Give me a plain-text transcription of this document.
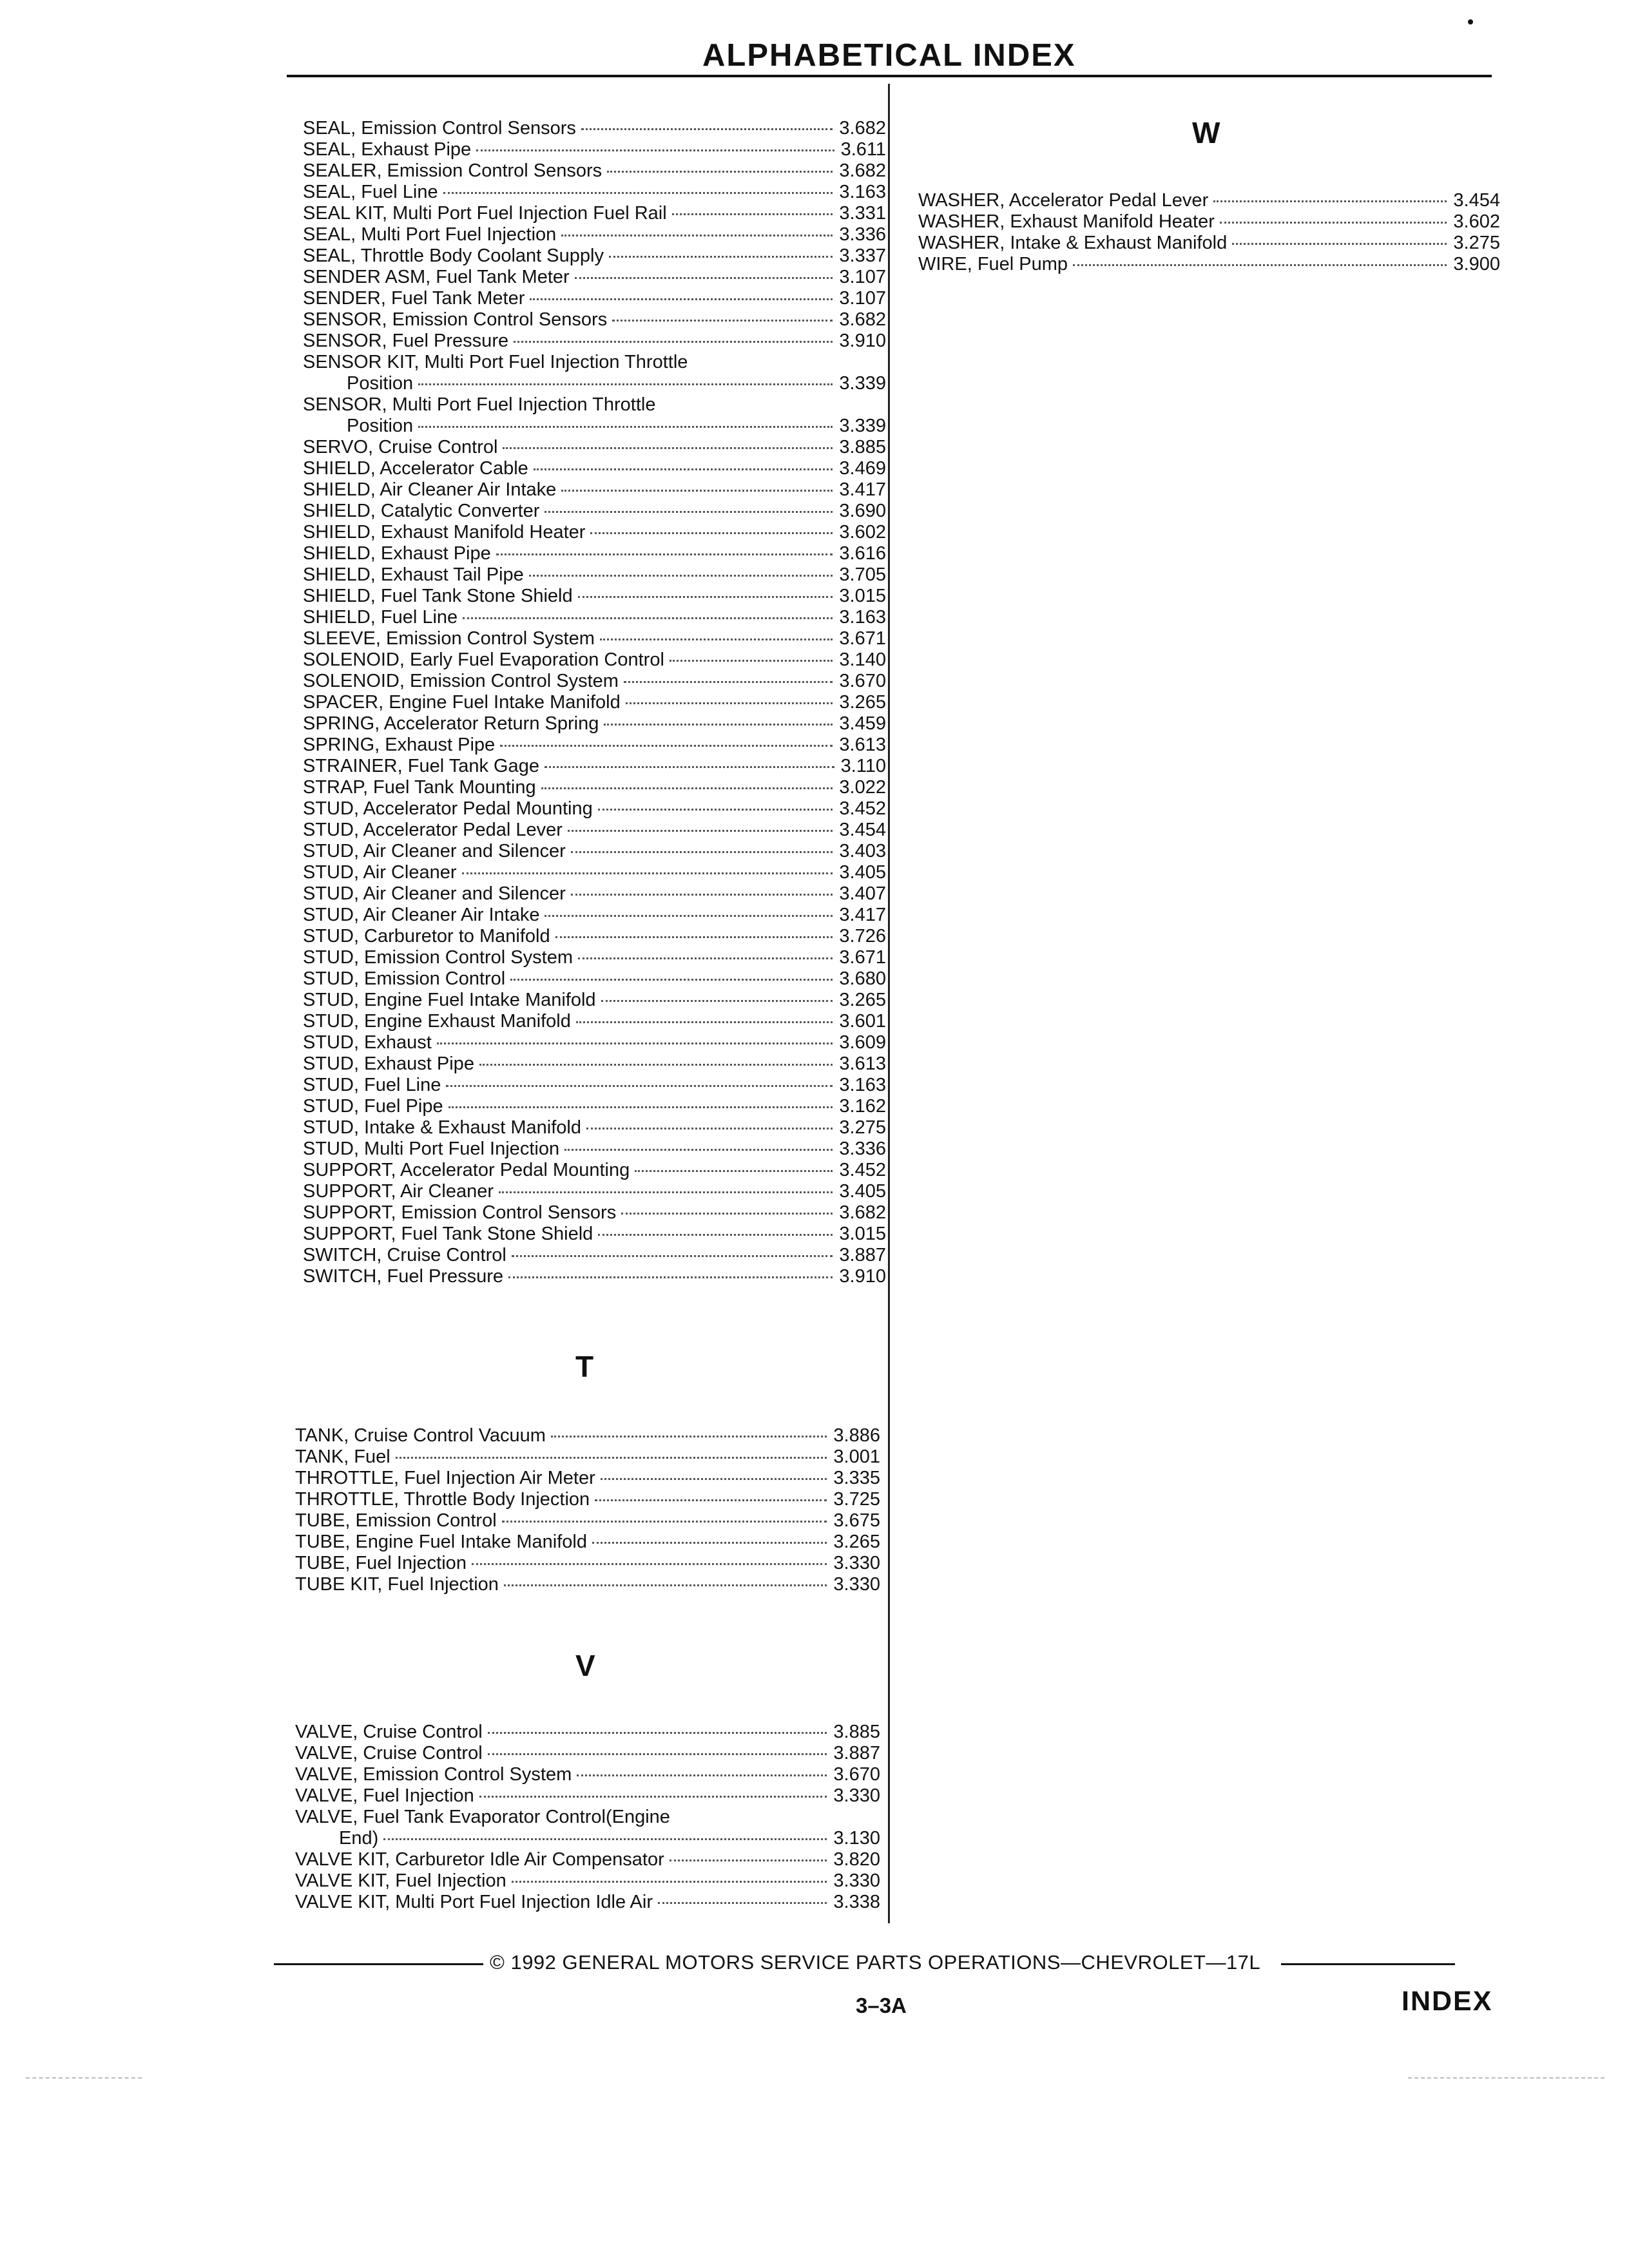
ALPHABETICAL INDEX
SEAL, Emission Control Sensors	3.682
SEAL, Exhaust Pipe	3.611
SEALER, Emission Control Sensors	3.682
SEAL, Fuel Line	3.163
SEAL KIT, Multi Port Fuel Injection Fuel Rail	3.331
SEAL, Multi Port Fuel Injection	3.336
SEAL, Throttle Body Coolant Supply	3.337
SENDER ASM, Fuel Tank Meter	3.107
SENDER, Fuel Tank Meter	3.107
SENSOR, Emission Control Sensors	3.682
SENSOR, Fuel Pressure	3.910
SENSOR KIT, Multi Port Fuel Injection Throttle
Position	3.339
SENSOR, Multi Port Fuel Injection Throttle
Position	3.339
SERVO, Cruise Control	3.885
SHIELD, Accelerator Cable	3.469
SHIELD, Air Cleaner Air Intake	3.417
SHIELD, Catalytic Converter	3.690
SHIELD, Exhaust Manifold Heater	3.602
SHIELD, Exhaust Pipe	3.616
SHIELD, Exhaust Tail Pipe	3.705
SHIELD, Fuel Tank Stone Shield	3.015
SHIELD, Fuel Line	3.163
SLEEVE, Emission Control System	3.671
SOLENOID, Early Fuel Evaporation Control	3.140
SOLENOID, Emission Control System	3.670
SPACER, Engine Fuel Intake Manifold	3.265
SPRING, Accelerator Return Spring	3.459
SPRING, Exhaust Pipe	3.613
STRAINER, Fuel Tank Gage	3.110
STRAP, Fuel Tank Mounting	3.022
STUD, Accelerator Pedal Mounting	3.452
STUD, Accelerator Pedal Lever	3.454
STUD, Air Cleaner and Silencer	3.403
STUD, Air Cleaner	3.405
STUD, Air Cleaner and Silencer	3.407
STUD, Air Cleaner Air Intake	3.417
STUD, Carburetor to Manifold	3.726
STUD, Emission Control System	3.671
STUD, Emission Control	3.680
STUD, Engine Fuel Intake Manifold	3.265
STUD, Engine Exhaust Manifold	3.601
STUD, Exhaust	3.609
STUD, Exhaust Pipe	3.613
STUD, Fuel Line	3.163
STUD, Fuel Pipe	3.162
STUD, Intake & Exhaust Manifold	3.275
STUD, Multi Port Fuel Injection	3.336
SUPPORT, Accelerator Pedal Mounting	3.452
SUPPORT, Air Cleaner	3.405
SUPPORT, Emission Control Sensors	3.682
SUPPORT, Fuel Tank Stone Shield	3.015
SWITCH, Cruise Control	3.887
SWITCH, Fuel Pressure	3.910
T
TANK, Cruise Control Vacuum	3.886
TANK, Fuel	3.001
THROTTLE, Fuel Injection Air Meter	3.335
THROTTLE, Throttle Body Injection	3.725
TUBE, Emission Control	3.675
TUBE, Engine Fuel Intake Manifold	3.265
TUBE, Fuel Injection	3.330
TUBE KIT, Fuel Injection	3.330
V
VALVE, Cruise Control	3.885
VALVE, Cruise Control	3.887
VALVE, Emission Control System	3.670
VALVE, Fuel Injection	3.330
VALVE, Fuel Tank Evaporator Control(Engine
End)	3.130
VALVE KIT, Carburetor Idle Air Compensator	3.820
VALVE KIT, Fuel Injection	3.330
VALVE KIT, Multi Port Fuel Injection Idle Air	3.338
W
WASHER, Accelerator Pedal Lever	3.454
WASHER, Exhaust Manifold Heater	3.602
WASHER, Intake & Exhaust Manifold	3.275
WIRE, Fuel Pump	3.900
© 1992 GENERAL MOTORS SERVICE PARTS OPERATIONS—CHEVROLET—17L
3–3A	INDEX
